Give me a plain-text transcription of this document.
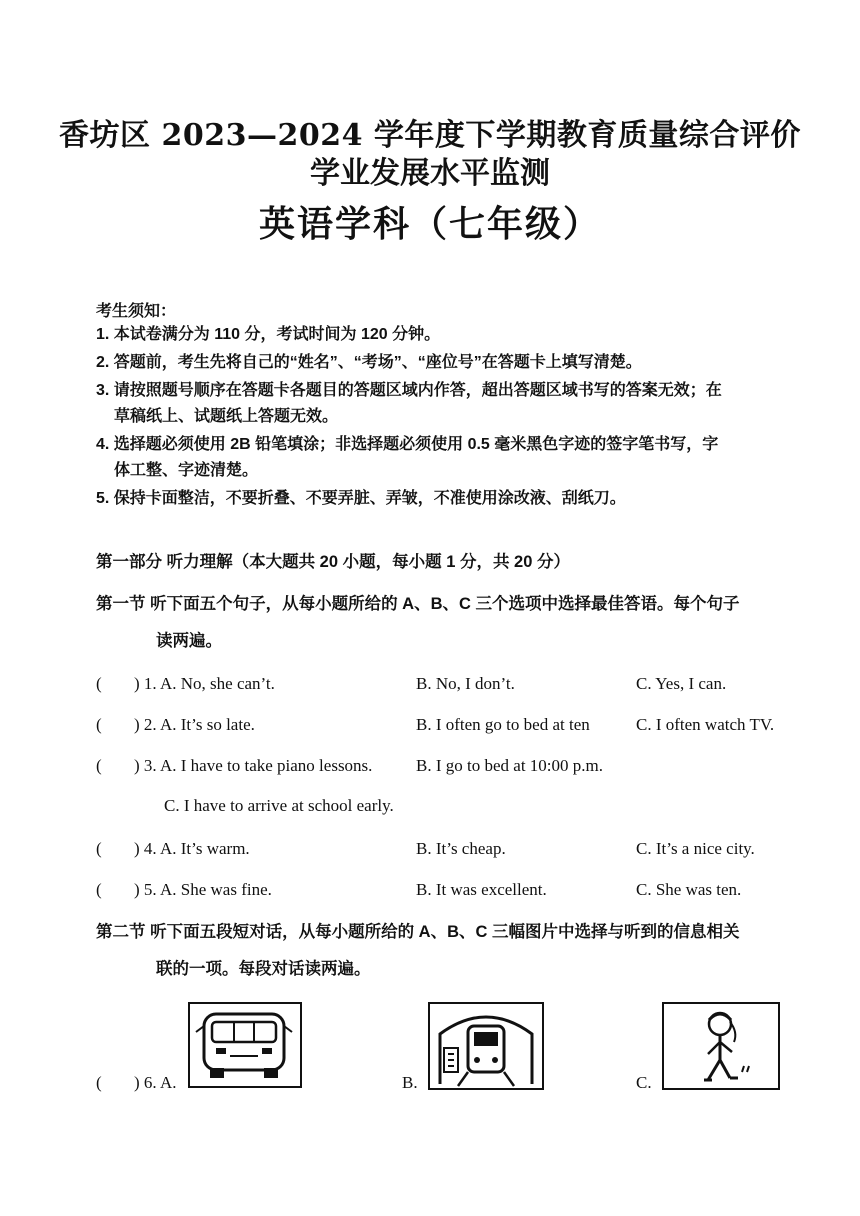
香坊区 2023—2024 学年度下学期教育质量综合评价
学业发展水平监测
英语学科（七年级）
考生须知：
1. 本试卷满分为 110 分，考试时间为 120 分钟。
2. 答题前，考生先将自己的“姓名”、“考场”、“座位号”在答题卡上填写清楚。
3. 请按照题号顺序在答题卡各题目的答题区域内作答，超出答题区域书写的答案无效；在
草稿纸上、试题纸上答题无效。
4. 选择题必须使用 2B 铅笔填涂；非选择题必须使用 0.5 毫米黑色字迹的签字笔书写，字
体工整、字迹清楚。
5. 保持卡面整洁，不要折叠、不要弄脏、弄皱，不准使用涂改液、刮纸刀。
第一部分 听力理解（本大题共 20 小题，每小题 1 分，共 20 分）
第一节 听下面五个句子，从每小题所给的 A、B、C 三个选项中选择最佳答语。每个句子
读两遍。
( ) 1. A. No, she can’t.	B. No, I don’t.	C. Yes, I can.
( ) 2. A. It’s so late.	B. I often go to bed at ten	C. I often watch TV.
( ) 3. A. I have to take piano lessons.	B. I go to bed at 10:00 p.m.
C. I have to arrive at school early.
( ) 4. A. It’s warm.	B. It’s cheap.	C. It’s a nice city.
( ) 5. A. She was fine.	B. It was excellent.	C. She was ten.
第二节 听下面五段短对话，从每小题所给的 A、B、C 三幅图片中选择与听到的信息相关
联的一项。每段对话读两遍。
( ) 6. A.	B.	C.
